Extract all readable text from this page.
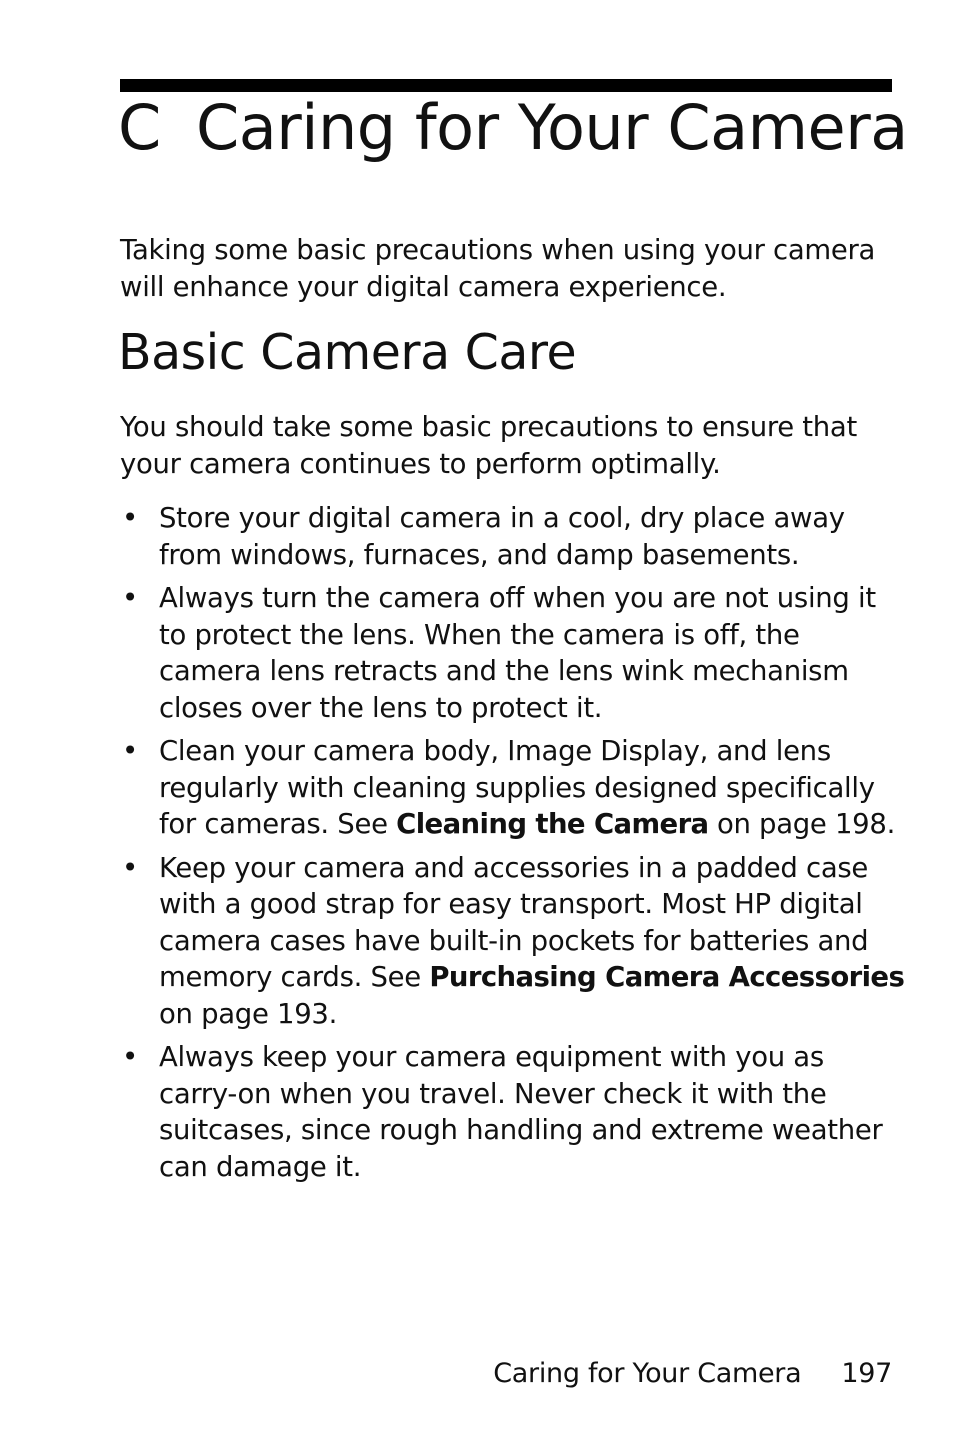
C Caring for Your Camera

Taking some basic precautions when using your camera will enhance your digital camera experience.

Basic Camera Care

You should take some basic precautions to ensure that your camera continues to perform optimally.

• Store your digital camera in a cool, dry place away from windows, furnaces, and damp basements.
• Always turn the camera off when you are not using it to protect the lens. When the camera is off, the camera lens retracts and the lens wink mechanism closes over the lens to protect it.
• Clean your camera body, Image Display, and lens regularly with cleaning supplies designed specifically for cameras. See Cleaning the Camera on page 198.
• Keep your camera and accessories in a padded case with a good strap for easy transport. Most HP digital camera cases have built-in pockets for batteries and memory cards. See Purchasing Camera Accessories on page 193.
• Always keep your camera equipment with you as carry-on when you travel. Never check it with the suitcases, since rough handling and extreme weather can damage it.
Caring for Your Camera 197
